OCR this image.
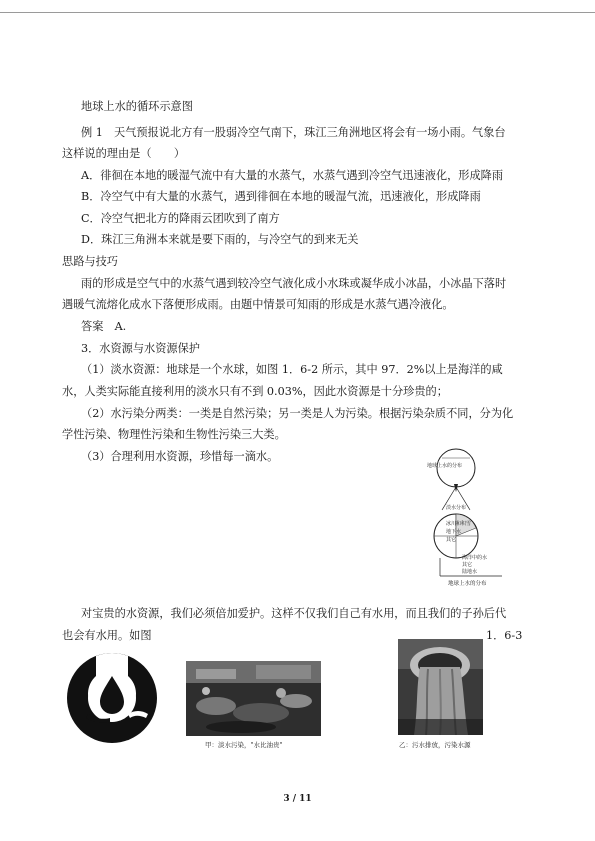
地球上水的循环示意图
例 1　天气预报说北方有一股弱冷空气南下，珠江三角洲地区将会有一场小雨。气象台
这样说的理由是（　　）
A．徘徊在本地的暖湿气流中有大量的水蒸气，水蒸气遇到冷空气迅速液化，形成降雨
B．冷空气中有大量的水蒸气，遇到徘徊在本地的暖湿气流，迅速液化，形成降雨
C．冷空气把北方的降雨云团吹到了南方
D．珠江三角洲本来就是要下雨的，与冷空气的到来无关
思路与技巧
雨的形成是空气中的水蒸气遇到较冷空气液化成小水珠或凝华成小冰晶，小冰晶下落时
遇暖气流熔化成水下落便形成雨。由题中情景可知雨的形成是水蒸气遇冷液化。
答案　A.
3．水资源与水资源保护
（1）淡水资源：地球是一个水球，如图 1．6-2 所示，其中 97．2%以上是海洋的咸
水，人类实际能直接利用的淡水只有不到 0.03%，因此水资源是十分珍贵的；
（2）水污染分两类：一类是自然污染；另一类是人为污染。根据污染杂质不同，分为化
学性污染、物理性污染和生物性污染三大类。
（3）合理利用水资源，珍惜每一滴水。
对宝贵的水资源，我们必须倍加爱护。这样不仅我们自己有水用，而且我们的子孙后代
也会有水用。如图	1．6-3
地球上水的分布
淡水分布
冰川和积雪
地下水
其它
海洋中的水
其它
陆地水
地球上水的分布
甲：淡水污染，"水比油贵"	乙：污水排放，污染水源
3 / 11
